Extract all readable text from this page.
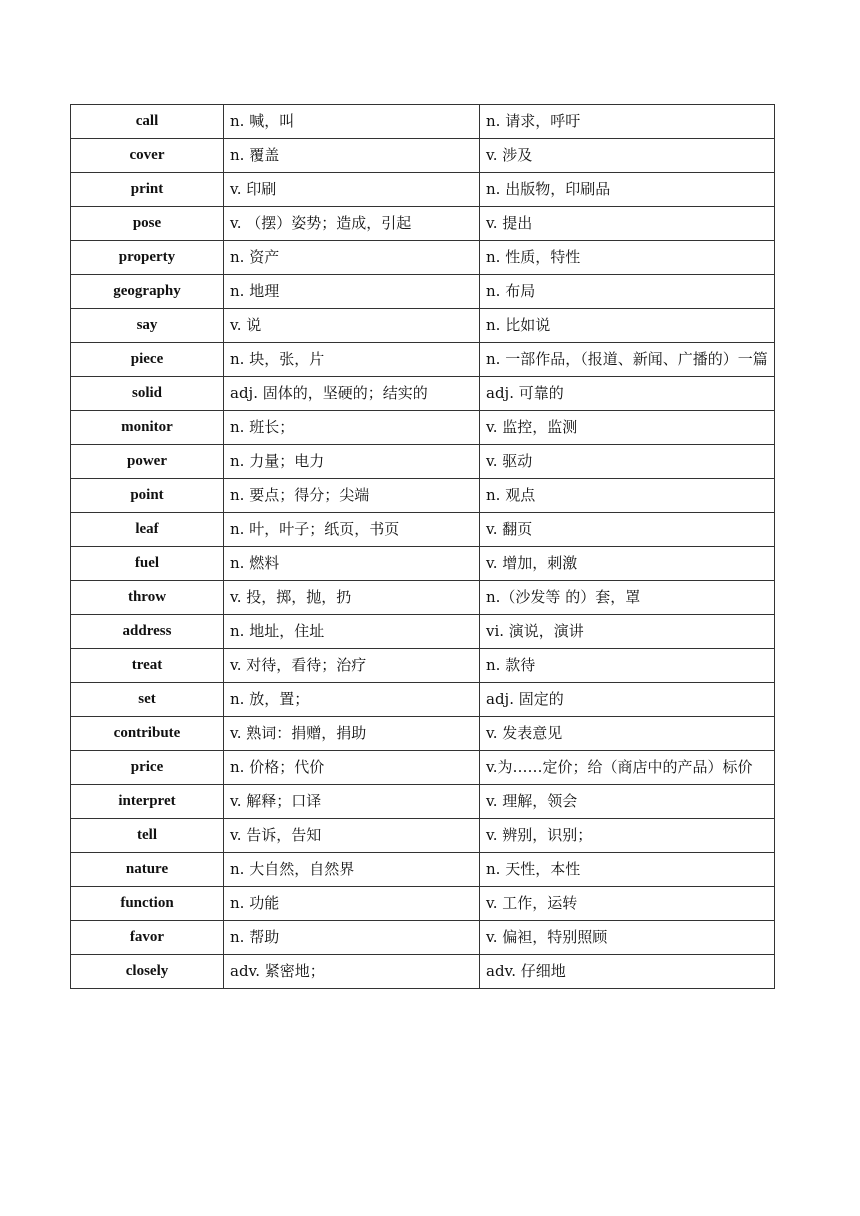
call	n. 喊，叫	n. 请求，呼吁
cover	n. 覆盖	v. 涉及
print	v. 印刷	n. 出版物，印刷品
pose	v. （摆）姿势；造成，引起	v. 提出
property	n. 资产	n. 性质，特性
geography	n. 地理	n. 布局
say	v. 说	n. 比如说
piece	n. 块，张，片	n. 一部作品，（报道、新闻、广播的）一篇
solid	adj. 固体的，坚硬的；结实的	adj. 可靠的
monitor	n. 班长；	v. 监控，监测
power	n. 力量；电力	v. 驱动
point	n. 要点；得分；尖端	n. 观点
leaf	n. 叶，叶子；纸页，书页	v. 翻页
fuel	n. 燃料	v. 增加，刺激
throw	v. 投，掷，抛，扔	n.（沙发等 的）套，罩
address	n. 地址，住址	vi. 演说，演讲
treat	v. 对待，看待；治疗	n. 款待
set	n. 放，置；	adj. 固定的
contribute	v. 熟词：捐赠，捐助	v. 发表意见
price	n. 价格；代价	v.为……定价；给（商店中的产品）标价
interpret	v. 解释；口译	v. 理解，领会
tell	v. 告诉，告知	v. 辨别，识别；
nature	n. 大自然，自然界	n. 天性，本性
function	n. 功能	v. 工作，运转
favor	n. 帮助	v. 偏袒，特别照顾
closely	adv. 紧密地；	adv. 仔细地
